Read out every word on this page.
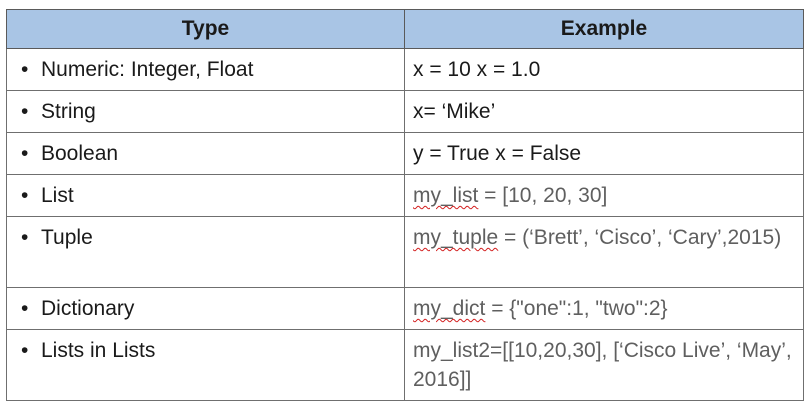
Type	Example
• Numeric: Integer, Float	x = 10 x = 1.0
• String	x= ‘Mike’
• Boolean	y = True x = False
• List	my_list = [10, 20, 30]
• Tuple	my_tuple = (‘Brett’, ‘Cisco’, ‘Cary’,2015)
• Dictionary	my_dict = {"one":1, "two":2}
• Lists in Lists	my_list2=[[10,20,30], [‘Cisco Live’, ‘May’, 2016]]
